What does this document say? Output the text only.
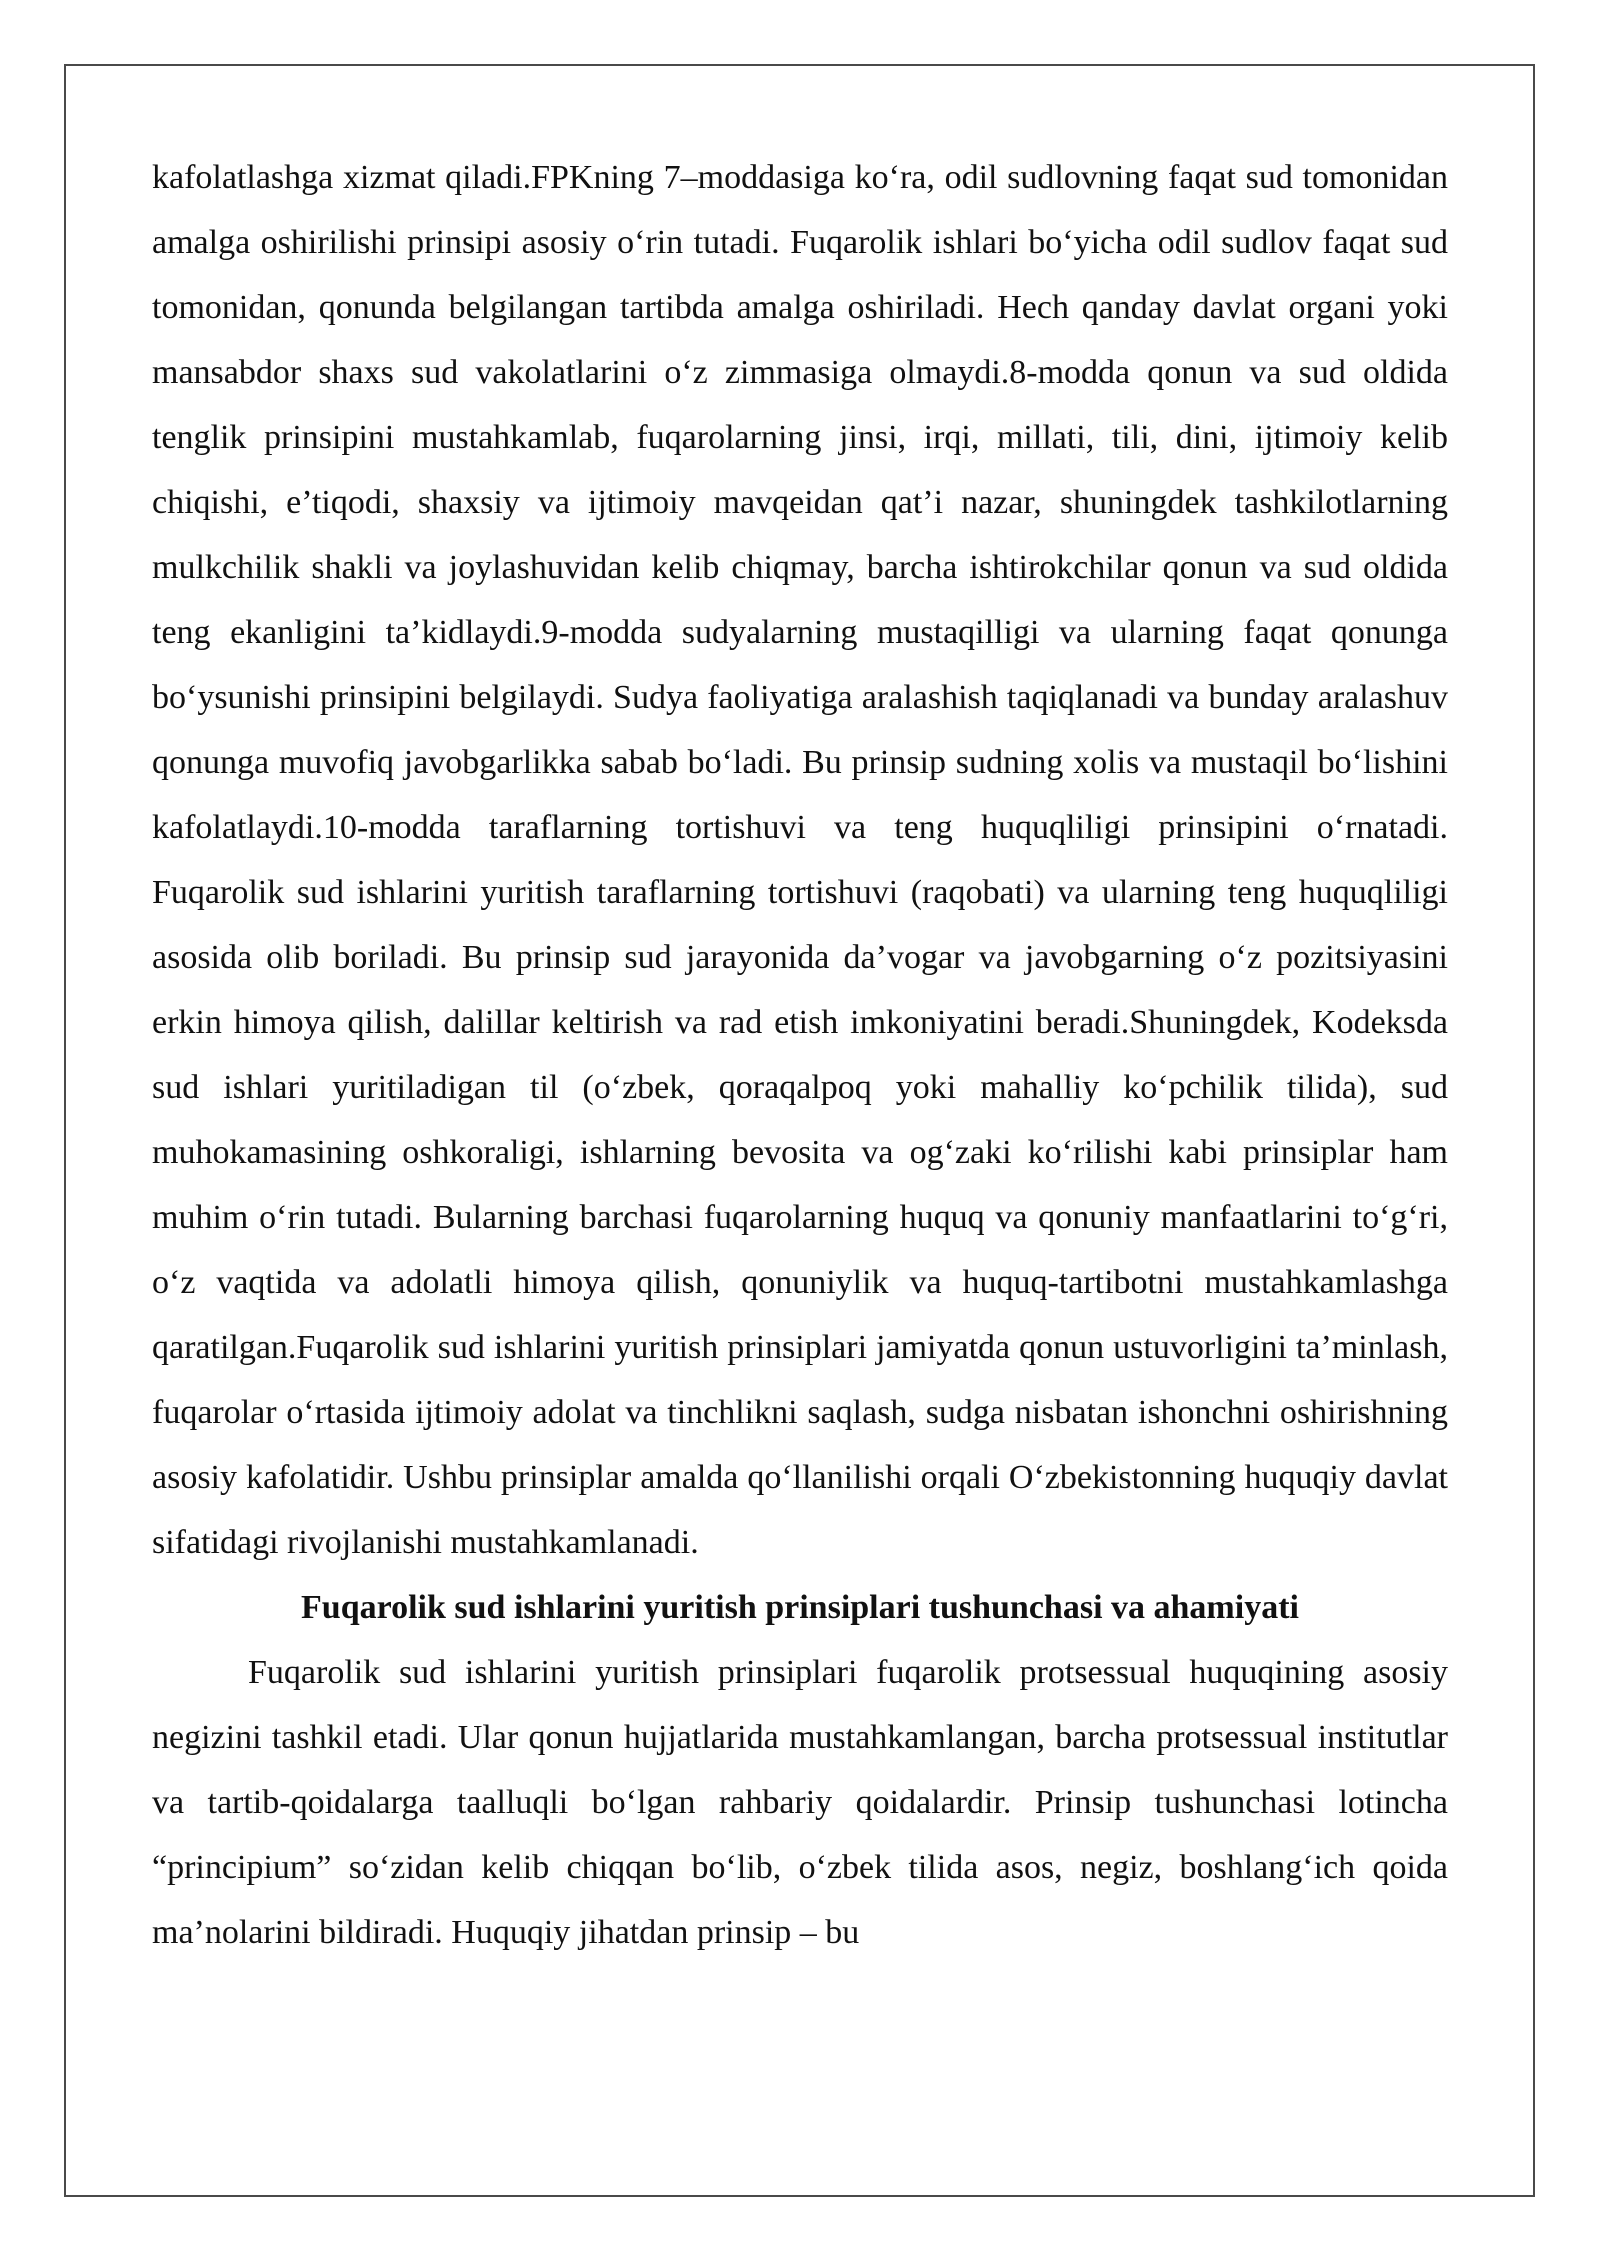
kafolatlashga xizmat qiladi.FPKning 7–moddasiga koʻra, odil sudlovning faqat sud tomonidan amalga oshirilishi prinsipi asosiy oʻrin tutadi. Fuqarolik ishlari boʻyicha odil sudlov faqat sud tomonidan, qonunda belgilangan tartibda amalga oshiriladi. Hech qanday davlat organi yoki mansabdor shaxs sud vakolatlarini oʻz zimmasiga olmaydi.8-modda qonun va sud oldida tenglik prinsipini mustahkamlab, fuqarolarning jinsi, irqi, millati, tili, dini, ijtimoiy kelib chiqishi, e’tiqodi, shaxsiy va ijtimoiy mavqeidan qat’i nazar, shuningdek tashkilotlarning mulkchilik shakli va joylashuvidan kelib chiqmay, barcha ishtirokchilar qonun va sud oldida teng ekanligini ta’kidlaydi.9-modda sudyalarning mustaqilligi va ularning faqat qonunga boʻysunishi prinsipini belgilaydi. Sudya faoliyatiga aralashish taqiqlanadi va bunday aralashuv qonunga muvofiq javobgarlikka sabab boʻladi. Bu prinsip sudning xolis va mustaqil boʻlishini kafolatlaydi.10-modda taraflarning tortishuvi va teng huquqliligi prinsipini oʻrnatadi. Fuqarolik sud ishlarini yuritish taraflarning tortishuvi (raqobati) va ularning teng huquqliligi asosida olib boriladi. Bu prinsip sud jarayonida da’vogar va javobgarning oʻz pozitsiyasini erkin himoya qilish, dalillar keltirish va rad etish imkoniyatini beradi.Shuningdek, Kodeksda sud ishlari yuritiladigan til (oʻzbek, qoraqalpoq yoki mahalliy koʻpchilik tilida), sud muhokamasining oshkoraligi, ishlarning bevosita va ogʻzaki koʻrilishi kabi prinsiplar ham muhim oʻrin tutadi. Bularning barchasi fuqarolarning huquq va qonuniy manfaatlarini toʻgʻri, oʻz vaqtida va adolatli himoya qilish, qonuniylik va huquq-tartibotni mustahkamlashga qaratilgan.Fuqarolik sud ishlarini yuritish prinsiplari jamiyatda qonun ustuvorligini ta’minlash, fuqarolar oʻrtasida ijtimoiy adolat va tinchlikni saqlash, sudga nisbatan ishonchni oshirishning asosiy kafolatidir. Ushbu prinsiplar amalda qoʻllanilishi orqali Oʻzbekistonning huquqiy davlat sifatidagi rivojlanishi mustahkamlanadi.

Fuqarolik sud ishlarini yuritish prinsiplari tushunchasi va ahamiyati

Fuqarolik sud ishlarini yuritish prinsiplari fuqarolik protsessual huquqining asosiy negizini tashkil etadi. Ular qonun hujjatlarida mustahkamlangan, barcha protsessual institutlar va tartib-qoidalarga taalluqli boʻlgan rahbariy qoidalardir. Prinsip tushunchasi lotincha “principium” soʻzidan kelib chiqqan boʻlib, oʻzbek tilida asos, negiz, boshlangʻich qoida ma’nolarini bildiradi. Huquqiy jihatdan prinsip – bu
